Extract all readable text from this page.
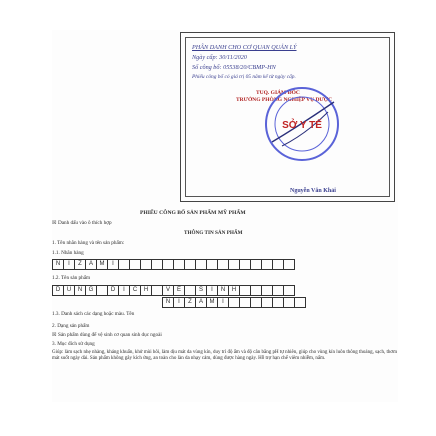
PHÂN DANH CHO CƠ QUAN QUẢN LÝ
Ngày cấp: 30/11/2020
Số công bố: 05538/20/CBMP-HN
Phiếu công bố có giá trị 05 năm kể từ ngày cấp.
TUQ. GIÁM ĐỐC
TRƯỞNG PHÒNG NGHIỆP VỤ DƯỢC
SỞ Y TẾ
Nguyễn Văn Khải
PHIẾU CÔNG BỐ SẢN PHẨM MỸ PHẨM
☒ Danh dấu vào ô thích hợp
THÔNG TIN SẢN PHẨM
1. Tên nhãn hàng và tên sản phẩm:
1.1. Nhãn hàng
N	I	Z	A	M	I
1.2. Tên sản phẩm
D	U	N	G	D	I	C	H	V	E	S	I	N	H
N	I	Z	A	M	I
1.3. Danh sách các dạng hoặc màu. Tên
2. Dạng sản phẩm
☒ Sản phẩm dùng để vệ sinh cơ quan sinh dục ngoài
3. Mục đích sử dụng
Giúp: làm sạch nhẹ nhàng, kháng khuẩn, khử mùi hôi, làm dịu mát da vùng kín, duy trì độ ẩm và độ cân bằng pH tự nhiên, giúp cho vùng kín luôn thông thoáng, sạch, thơm mát suốt ngày dài. Sản phẩm không gây kích ứng, an toàn cho làn da nhạy cảm, dùng được hàng ngày. Hỗ trợ hạn chế viêm nhiễm, nấm.
